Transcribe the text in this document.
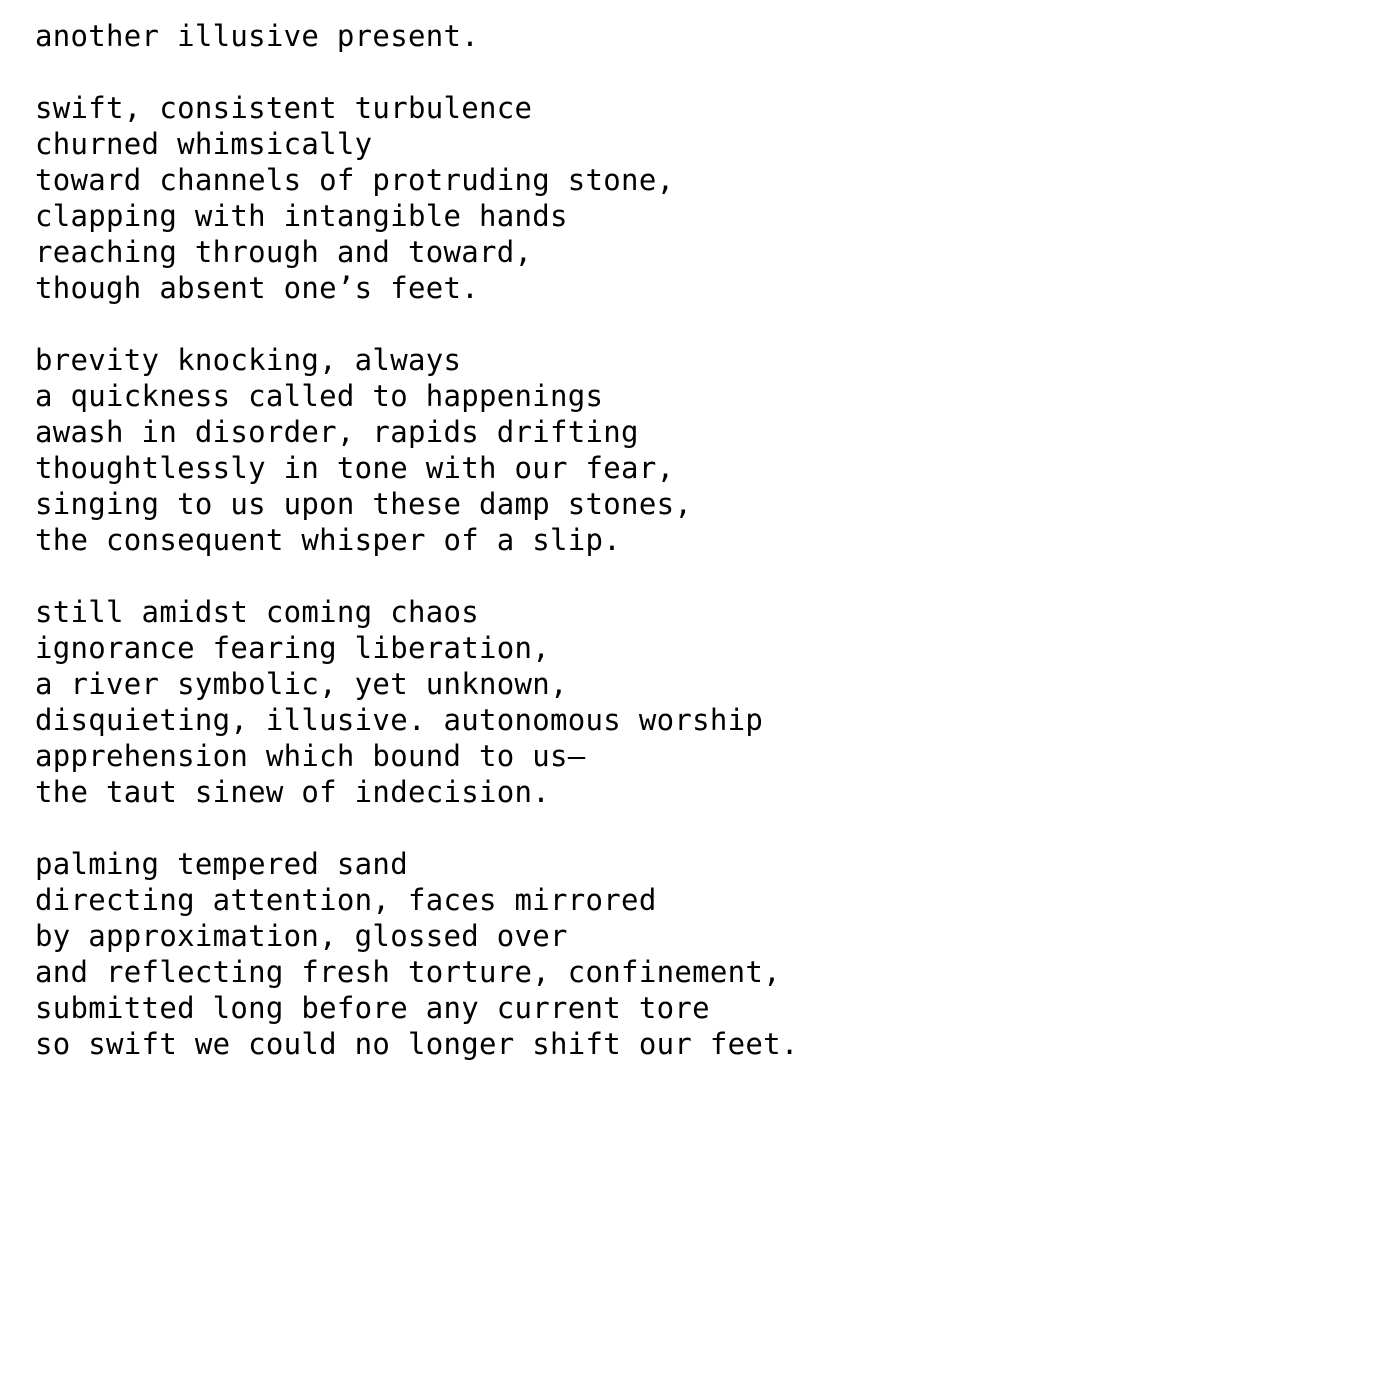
another illusive present.
swift, consistent turbulence
churned whimsically
toward channels of protruding stone,
clapping with intangible hands
reaching through and toward,
though absent one’s feet.
brevity knocking, always
a quickness called to happenings
awash in disorder, rapids drifting
thoughtlessly in tone with our fear,
singing to us upon these damp stones,
the consequent whisper of a slip.
still amidst coming chaos
ignorance fearing liberation,
a river symbolic, yet unknown,
disquieting, illusive. autonomous worship
apprehension which bound to us—
the taut sinew of indecision.
palming tempered sand
directing attention, faces mirrored
by approximation, glossed over
and reflecting fresh torture, confinement,
submitted long before any current tore
so swift we could no longer shift our feet.
